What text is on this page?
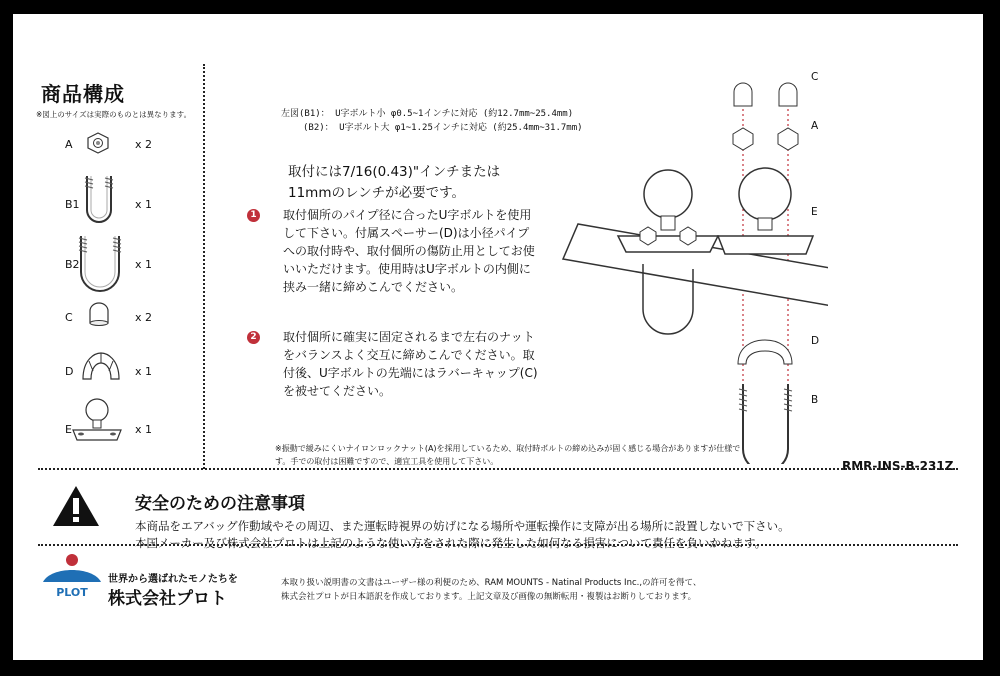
商品構成
※図上のサイズは実際のものとは異なります。
A	x 2
B1	x 1
B2	x 1
C	x 2
D	x 1
E	x 1
左図(B1)： U字ボルト小 φ0.5~1インチに対応 (約12.7mm~25.4mm)
(B2)： U字ボルト大 φ1~1.25インチに対応 (約25.4mm~31.7mm)
取付には7/16(0.43)"インチまたは
11mmのレンチが必要です。
1 取付個所のパイプ径に合ったU字ボルトを使用して下さい。付属スペーサー(D)は小径パイプへの取付時や、取付個所の傷防止用としてお使いいただけます。使用時はU字ボルトの内側に挟み一緒に締めこんでください。
2 取付個所に確実に固定されるまで左右のナットをバランスよく交互に締めこんでください。取付後、U字ボルトの先端にはラバーキャップ(C)を被せてください。
※振動で緩みにくいナイロンロックナット(A)を採用しているため、取付時ボルトの締め込みが固く感じる場合がありますが仕様です。手での取付は困難ですので、適宜工具を使用して下さい。
C
A
E
D
B
RMR-INS-B-231Z
安全のための注意事項
本商品をエアバッグ作動域やその周辺、また運転時視界の妨げになる場所や運転操作に支障が出る場所に設置しないで下さい。
本国メーカー及び株式会社プロトは上記のような使い方をされた際に発生した如何なる損害について責任を負いかねます。
PLOT
世界から選ばれたモノたちを
株式会社プロト
本取り扱い説明書の文書はユーザー様の利便のため、RAM MOUNTS - Natinal Products Inc.,の許可を得て、
株式会社プロトが日本語訳を作成しております。上記文章及び画像の無断転用・複製はお断りしております。
